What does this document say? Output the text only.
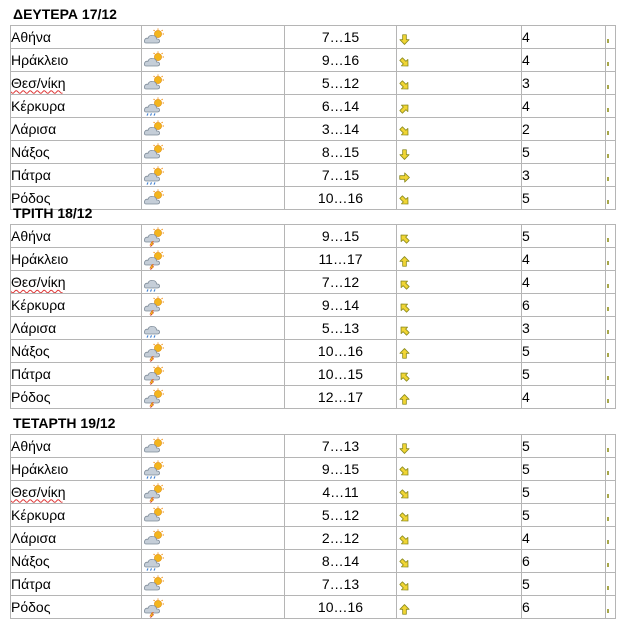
ΔΕΥΤΕΡΑ 17/12
Αθήνα		7…15		4	

Ηράκλειο		9…16		4	

Θεσ/νίκη		5…12		3	

Κέρκυρα		6…14		4	

Λάρισα		3…14		2	

Νάξος		8…15		5	

Πάτρα		7…15		3	

Ρόδος		10…16		5	
ΤΡΙΤΗ 18/12
Αθήνα		9…15		5	

Ηράκλειο		11…17		4	

Θεσ/νίκη		7…12		4	

Κέρκυρα		9…14		6	

Λάρισα		5…13		3	

Νάξος		10…16		5	

Πάτρα		10…15		5	

Ρόδος		12…17		4	
ΤΕΤΑΡΤΗ 19/12
Αθήνα		7…13		5	

Ηράκλειο		9…15		5	

Θεσ/νίκη		4…11		5	

Κέρκυρα		5…12		5	

Λάρισα		2…12		4	

Νάξος		8…14		6	

Πάτρα		7…13		5	

Ρόδος		10…16		6	
